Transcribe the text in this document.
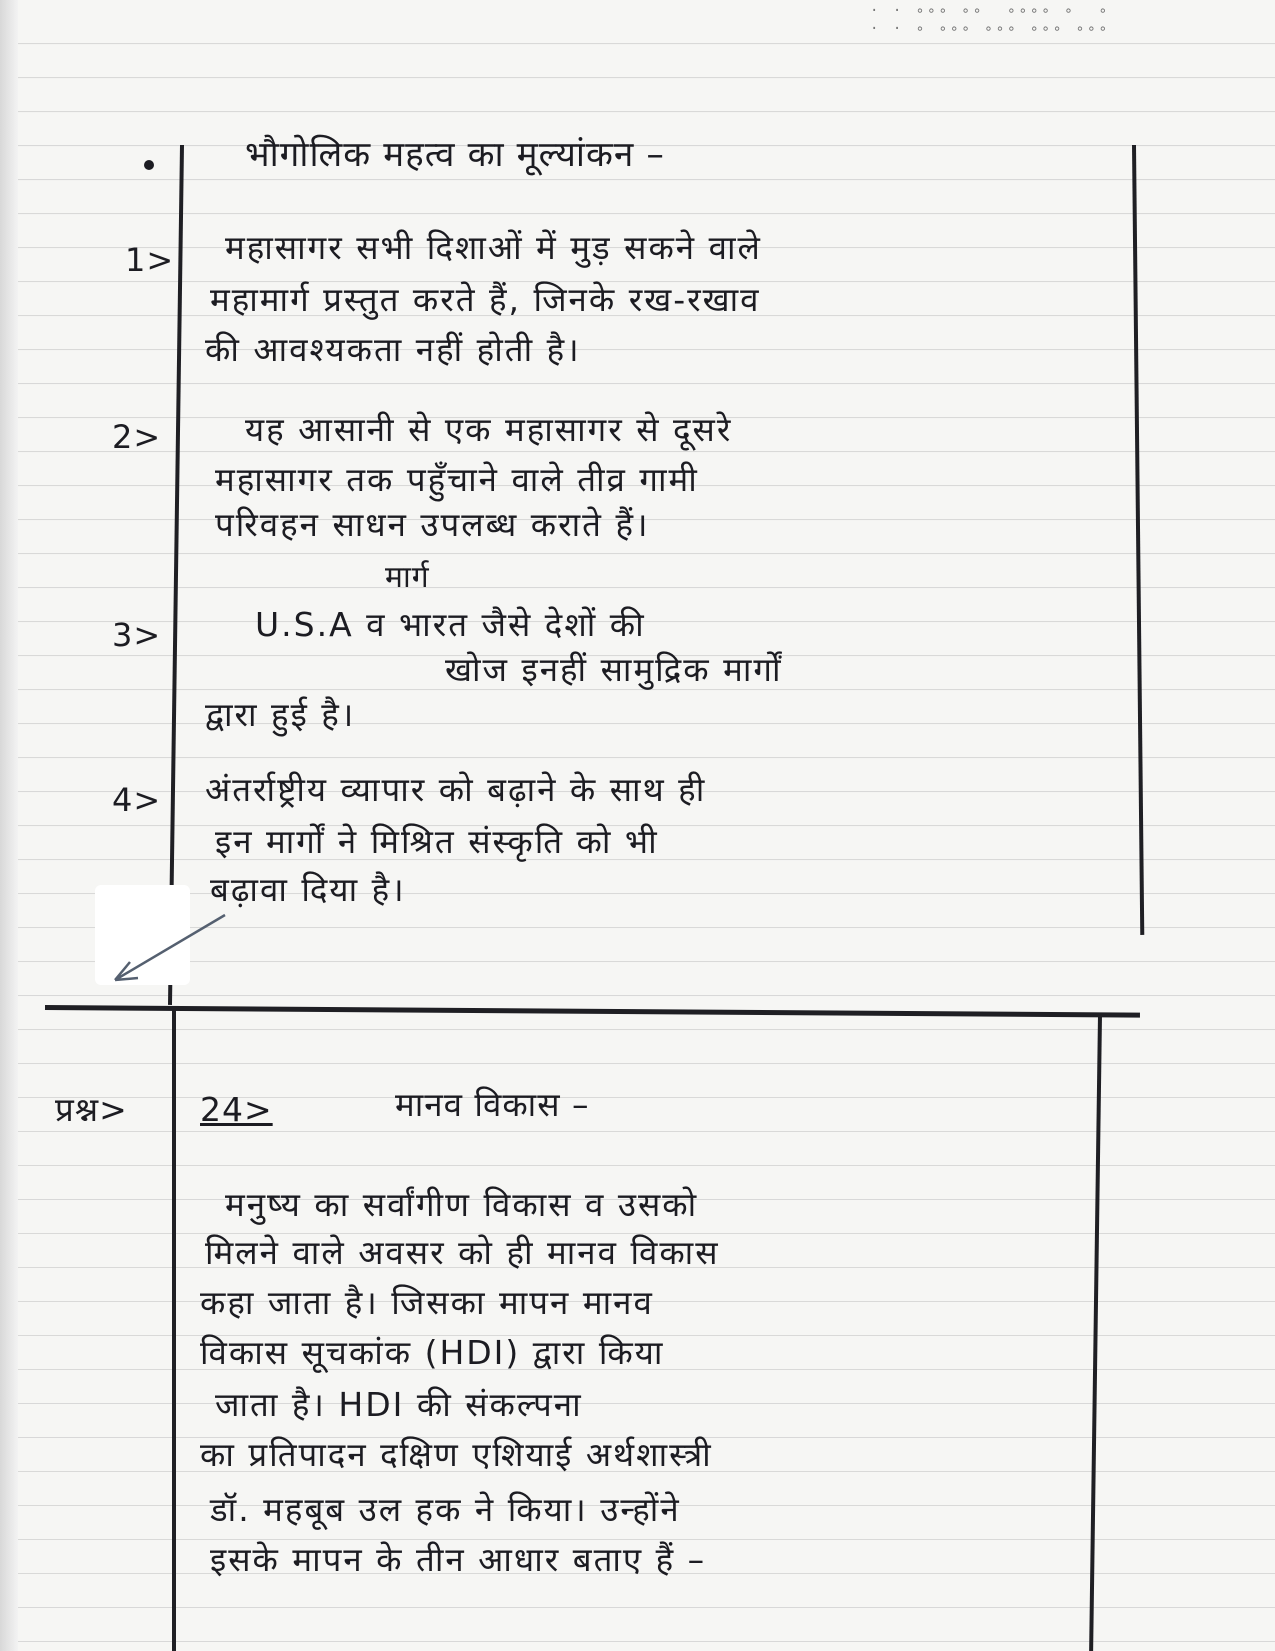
· · ∘∘∘ ∘∘  ∘∘∘∘ ∘  ∘
· · ∘ ∘∘∘ ∘∘∘ ∘∘∘ ∘∘∘
भौगोलिक महत्व का मूल्यांकन –
1> महासागर सभी दिशाओं में मुड़ सकने वाले
महामार्ग प्रस्तुत करते हैं, जिनके रख-रखाव
की आवश्यकता नहीं होती है।
2>	यह आसानी से एक महासागर से दूसरे
महासागर तक पहुँचाने वाले तीव्र गामी
परिवहन साधन उपलब्ध कराते हैं।
मार्ग
3>	U.S.A व भारत जैसे देशों की
खोज इनहीं सामुद्रिक मार्गों
द्वारा हुई है।
4> अंतर्राष्ट्रीय व्यापार को बढ़ाने के साथ ही
इन मार्गों ने मिश्रित संस्कृति को भी
बढ़ावा दिया है।
प्रश्न> 24>	मानव विकास –
मनुष्य का सर्वांगीण विकास व उसको
मिलने वाले अवसर को ही मानव विकास
कहा जाता है। जिसका मापन मानव
विकास सूचकांक (HDI) द्वारा किया
जाता है। HDI की संकल्पना
का प्रतिपादन दक्षिण एशियाई अर्थशास्त्री
डॉ. महबूब उल हक ने किया। उन्होंने
इसके मापन के तीन आधार बताए हैं –
